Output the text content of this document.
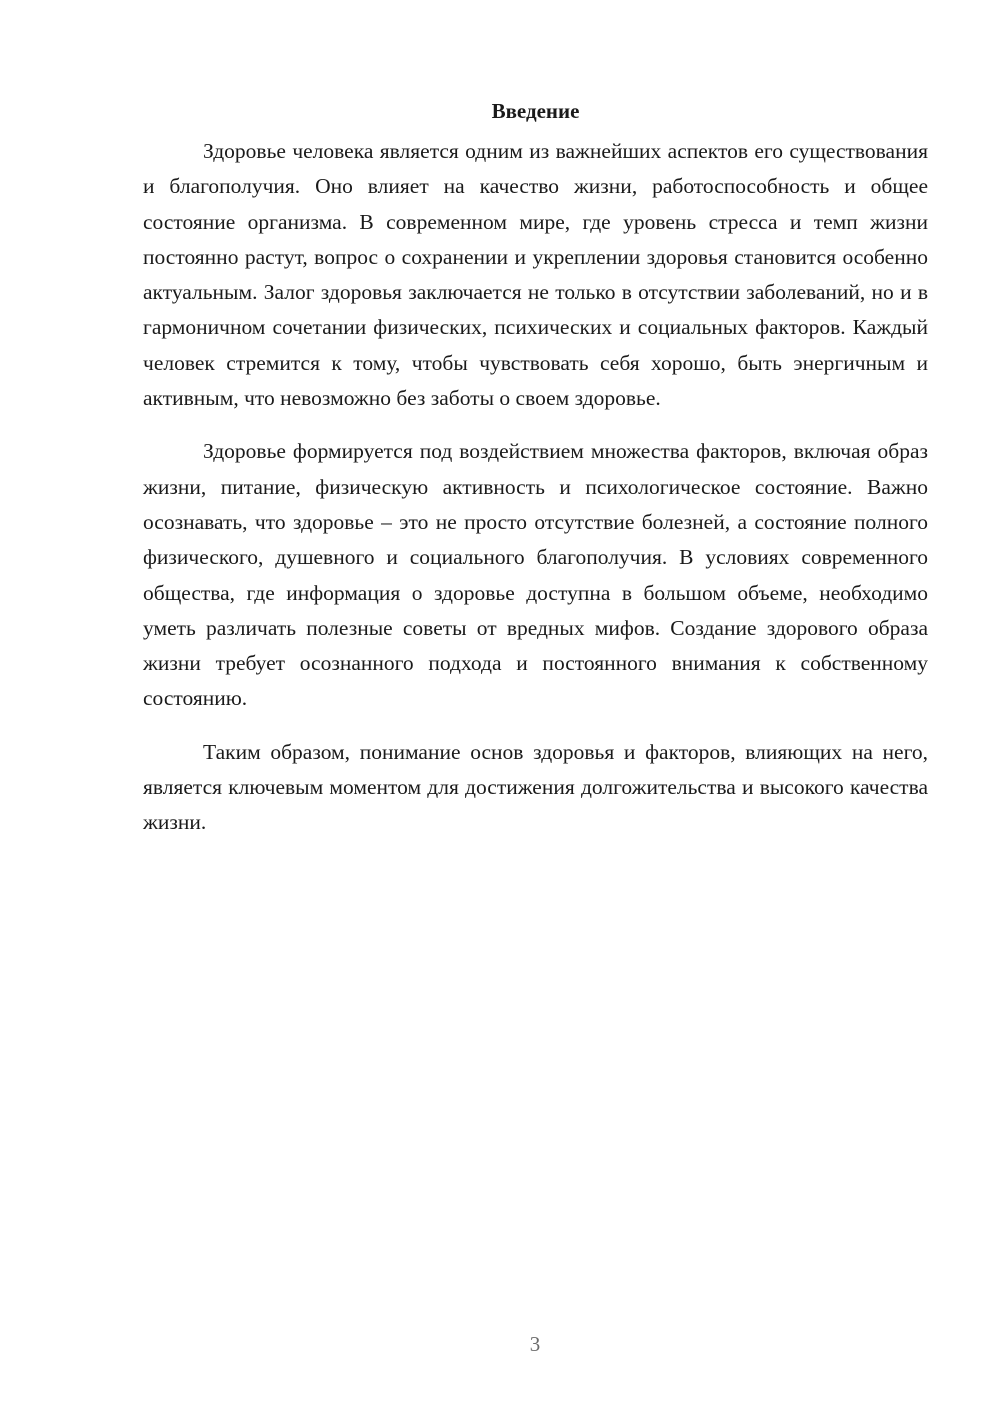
Введение

Здоровье человека является одним из важнейших аспектов его существования и благополучия. Оно влияет на качество жизни, работоспособность и общее состояние организма. В современном мире, где уровень стресса и темп жизни постоянно растут, вопрос о сохранении и укреплении здоровья становится особенно актуальным. Залог здоровья заключается не только в отсутствии заболеваний, но и в гармоничном сочетании физических, психических и социальных факторов. Каждый человек стремится к тому, чтобы чувствовать себя хорошо, быть энергичным и активным, что невозможно без заботы о своем здоровье.

Здоровье формируется под воздействием множества факторов, включая образ жизни, питание, физическую активность и психологическое состояние. Важно осознавать, что здоровье – это не просто отсутствие болезней, а состояние полного физического, душевного и социального благополучия. В условиях современного общества, где информация о здоровье доступна в большом объеме, необходимо уметь различать полезные советы от вредных мифов. Создание здорового образа жизни требует осознанного подхода и постоянного внимания к собственному состоянию.

Таким образом, понимание основ здоровья и факторов, влияющих на него, является ключевым моментом для достижения долгожительства и высокого качества жизни.

3
